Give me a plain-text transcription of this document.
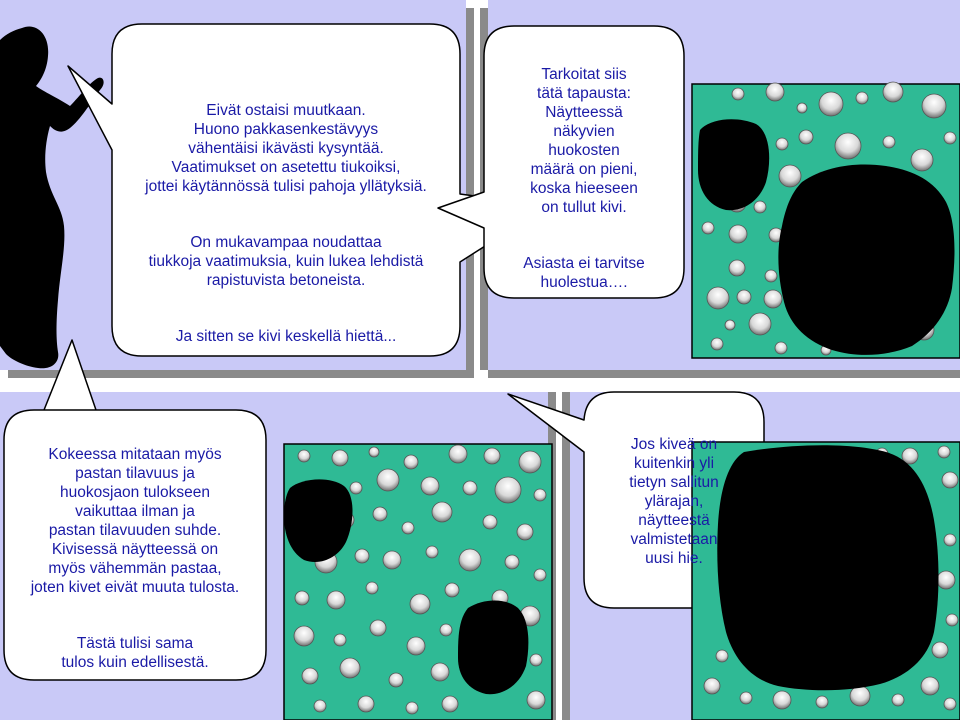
Eivät ostaisi muutkaan.
Huono pakkasenkestävyys
vähentäisi ikävästi kysyntää.
Vaatimukset on asetettu tiukoiksi,
jottei käytännössä tulisi pahoja yllätyksiä.

On mukavampaa noudattaa
tiukkoja vaatimuksia, kuin lukea lehdistä
rapistuvista betoneista.

Ja sitten se kivi keskellä hiettä...

Tarkoitat siis
tätä tapausta:
Näytteessä
näkyvien
huokosten
määrä on pieni,
koska hieeseen
on tullut kivi.

Asiasta ei tarvitse
huolestua….

Kokeessa mitataan myös
pastan tilavuus ja
huokosjaon tulokseen
vaikuttaa ilman ja
pastan tilavuuden suhde.
Kivisessä näytteessä on
myös vähemmän pastaa,
joten kivet eivät muuta tulosta.

Tästä tulisi sama
tulos kuin edellisestä.

Jos kiveä on
kuitenkin yli
tietyn sallitun
ylärajan,
näytteestä
valmistetaan
uusi hie.
